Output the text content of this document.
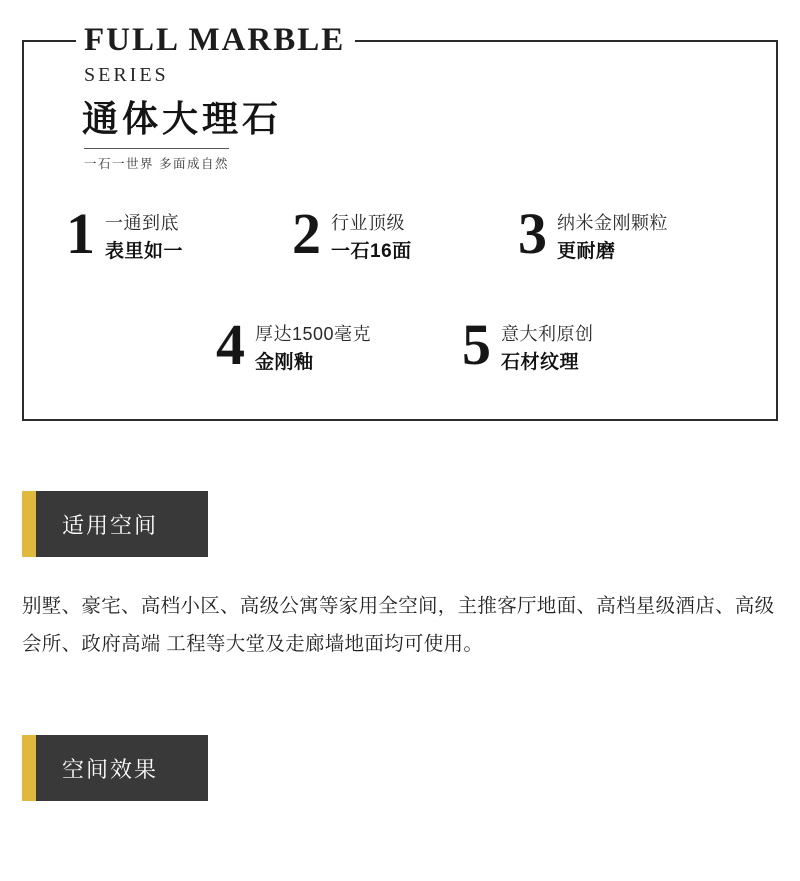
FULL MARBLE
SERIES
通体大理石
一石一世界 多面成自然
1 一通到底
表里如一 2 行业顶级
一石16面 3 纳米金刚颗粒
更耐磨
4 厚达1500毫克
金刚釉	5 意大利原创
石材纹理
适用空间
别墅、豪宅、高档小区、高级公寓等家用全空间，主推客厅地面、高档星级酒店、高级会所、政府高端 工程等大堂及走廊墙地面均可使用。
空间效果
